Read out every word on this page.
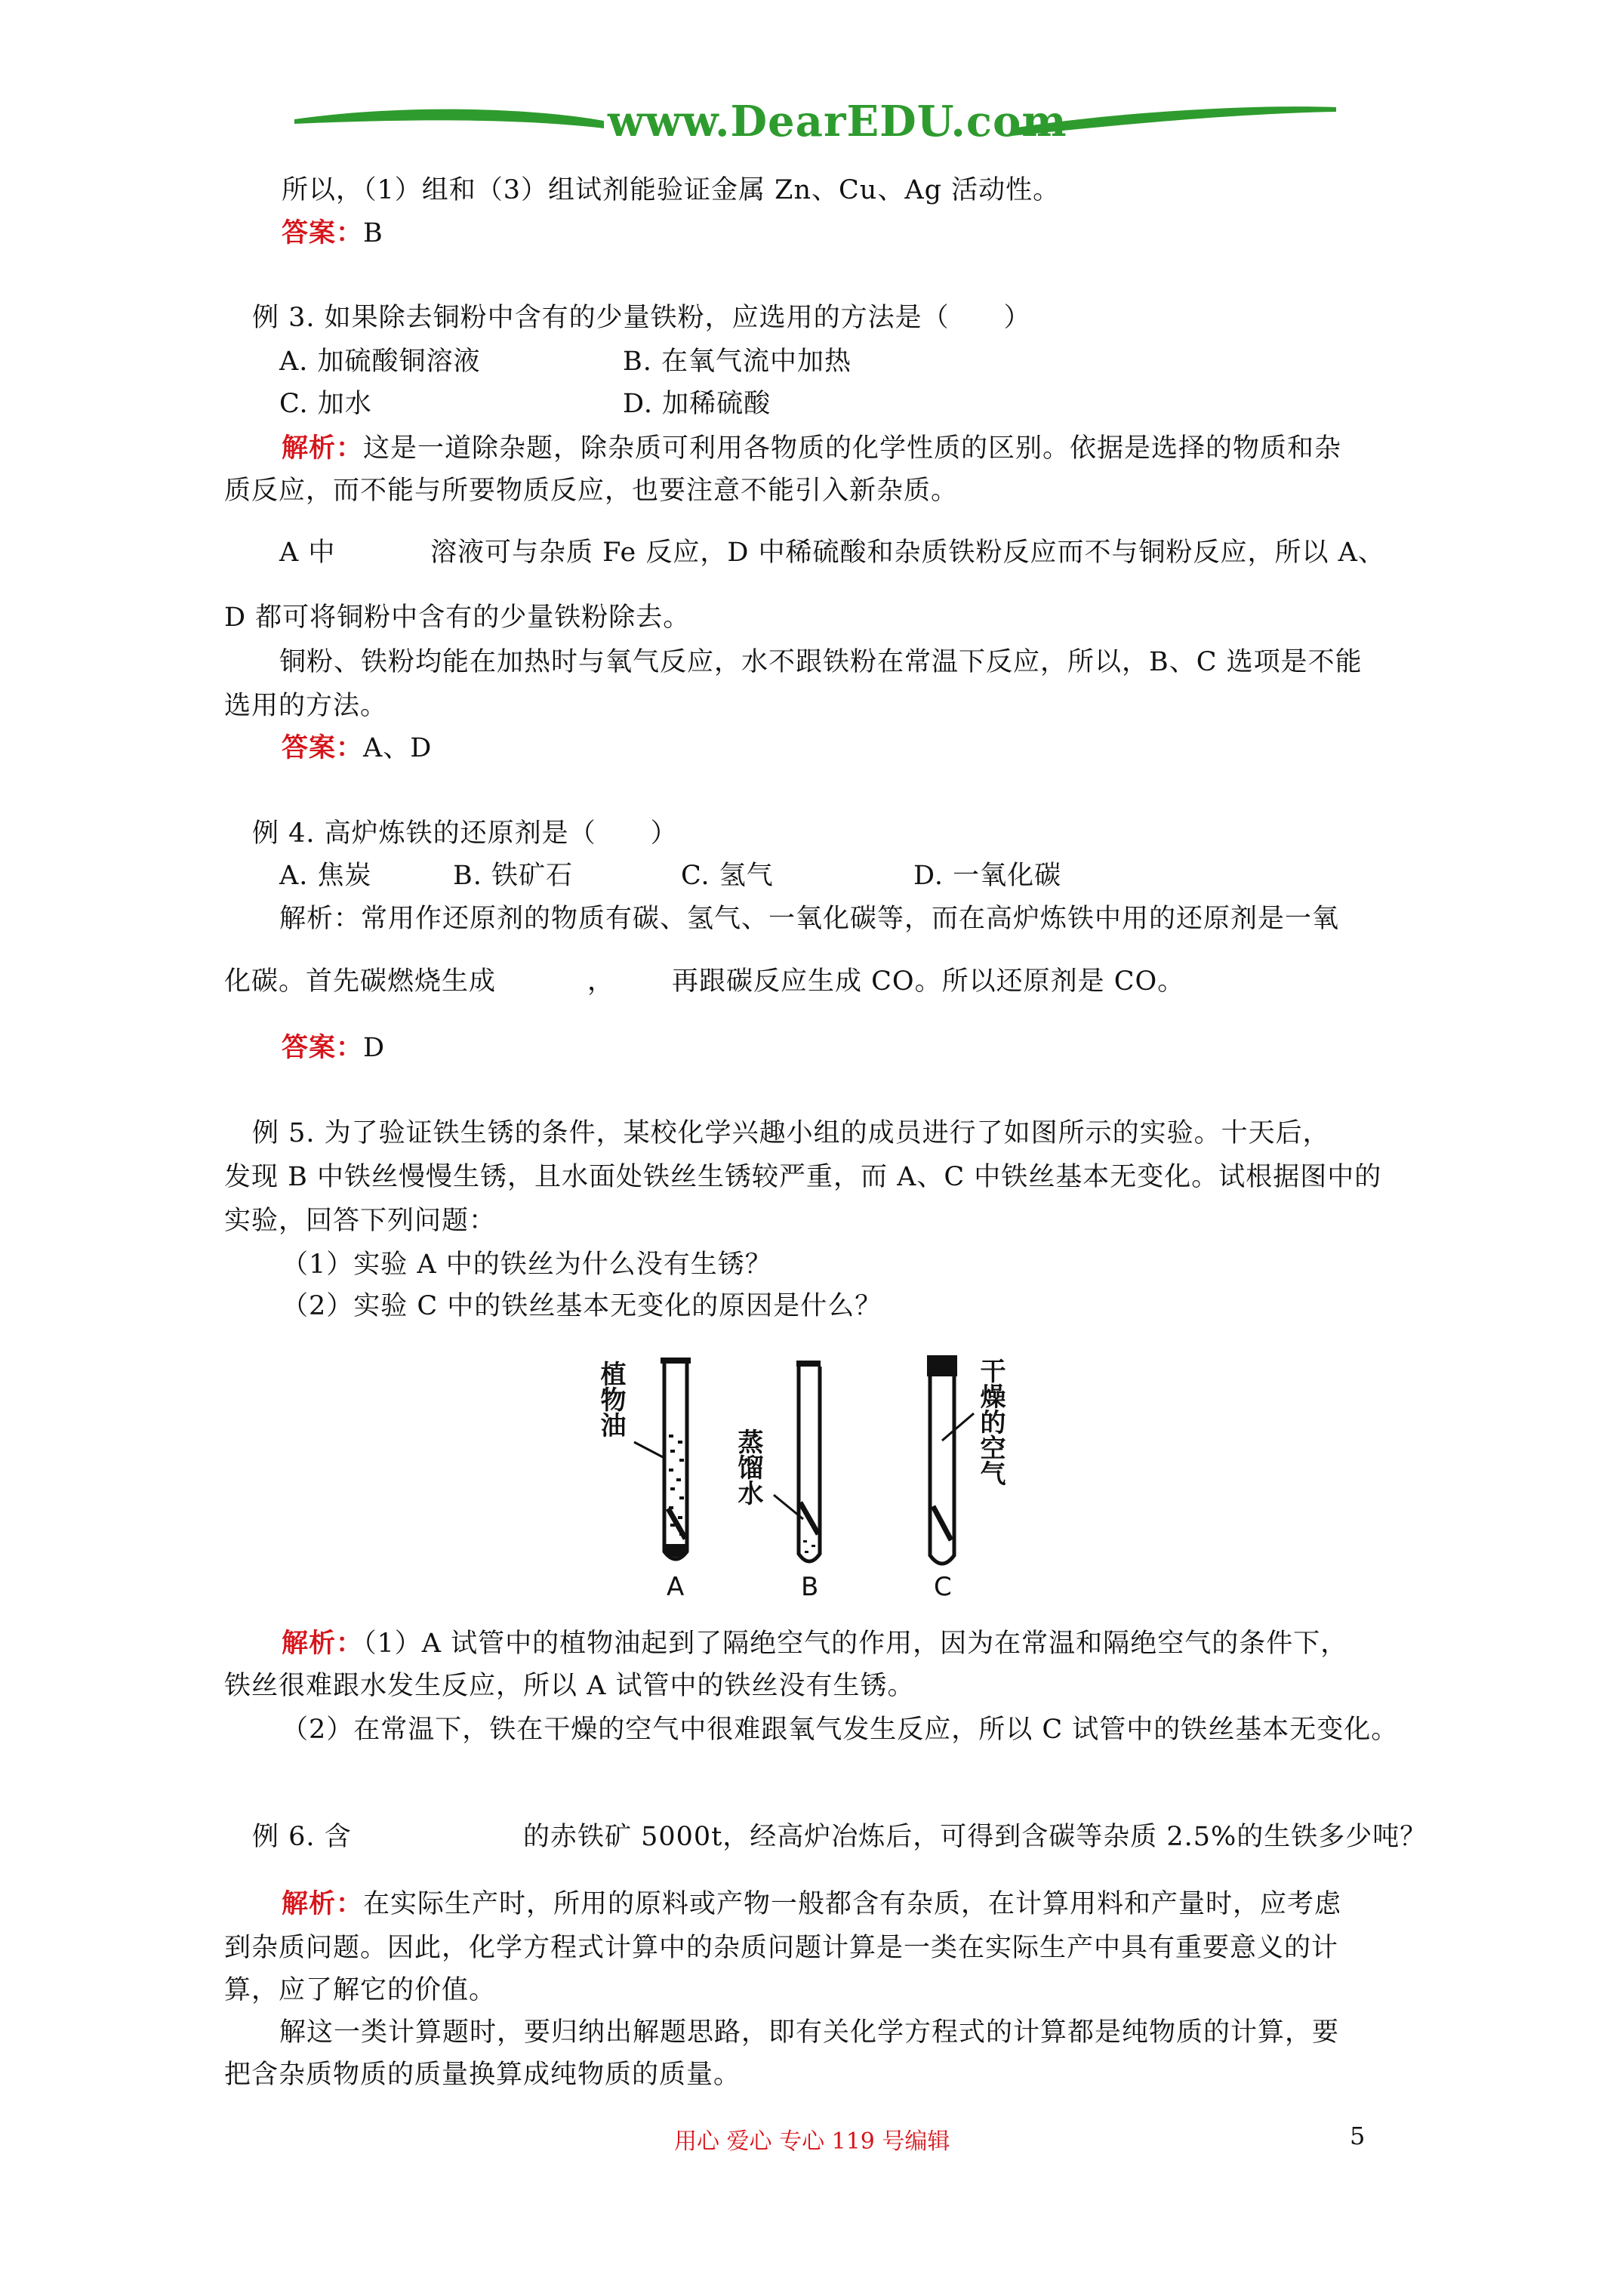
www.DearEDU.com
所以，（1）组和（3）组试剂能验证金属 Zn、Cu、Ag 活动性。
答案：B
例 3. 如果除去铜粉中含有的少量铁粉，应选用的方法是（　　）
A. 加硫酸铜溶液	B. 在氧气流中加热
C. 加水	D. 加稀硫酸
解析：这是一道除杂题，除杂质可利用各物质的化学性质的区别。依据是选择的物质和杂
质反应，而不能与所要物质反应，也要注意不能引入新杂质。
A 中	溶液可与杂质 Fe 反应，D 中稀硫酸和杂质铁粉反应而不与铜粉反应，所以 A、
D 都可将铜粉中含有的少量铁粉除去。
铜粉、铁粉均能在加热时与氧气反应，水不跟铁粉在常温下反应，所以，B、C 选项是不能
选用的方法。
答案：A、D
例 4. 高炉炼铁的还原剂是（　　）
A. 焦炭	B. 铁矿石	C. 氢气	D. 一氧化碳
解析：常用作还原剂的物质有碳、氢气、一氧化碳等，而在高炉炼铁中用的还原剂是一氧
化碳。首先碳燃烧生成	， 再跟碳反应生成 CO。所以还原剂是 CO。
答案：D
例 5. 为了验证铁生锈的条件，某校化学兴趣小组的成员进行了如图所示的实验。十天后，
发现 B 中铁丝慢慢生锈，且水面处铁丝生锈较严重，而 A、C 中铁丝基本无变化。试根据图中的
实验，回答下列问题：
（1）实验 A 中的铁丝为什么没有生锈？
（2）实验 C 中的铁丝基本无变化的原因是什么？
植物油
蒸馏水	干燥的空气
A	B	C
解析：（1）A 试管中的植物油起到了隔绝空气的作用，因为在常温和隔绝空气的条件下，
铁丝很难跟水发生反应，所以 A 试管中的铁丝没有生锈。
（2）在常温下，铁在干燥的空气中很难跟氧气发生反应，所以 C 试管中的铁丝基本无变化。
例 6. 含	的赤铁矿 5000t，经高炉冶炼后，可得到含碳等杂质 2.5%的生铁多少吨？
解析：在实际生产时，所用的原料或产物一般都含有杂质，在计算用料和产量时，应考虑
到杂质问题。因此，化学方程式计算中的杂质问题计算是一类在实际生产中具有重要意义的计
算，应了解它的价值。
解这一类计算题时，要归纳出解题思路，即有关化学方程式的计算都是纯物质的计算，要
把含杂质物质的质量换算成纯物质的质量。
用心 爱心 专心 119 号编辑	5
